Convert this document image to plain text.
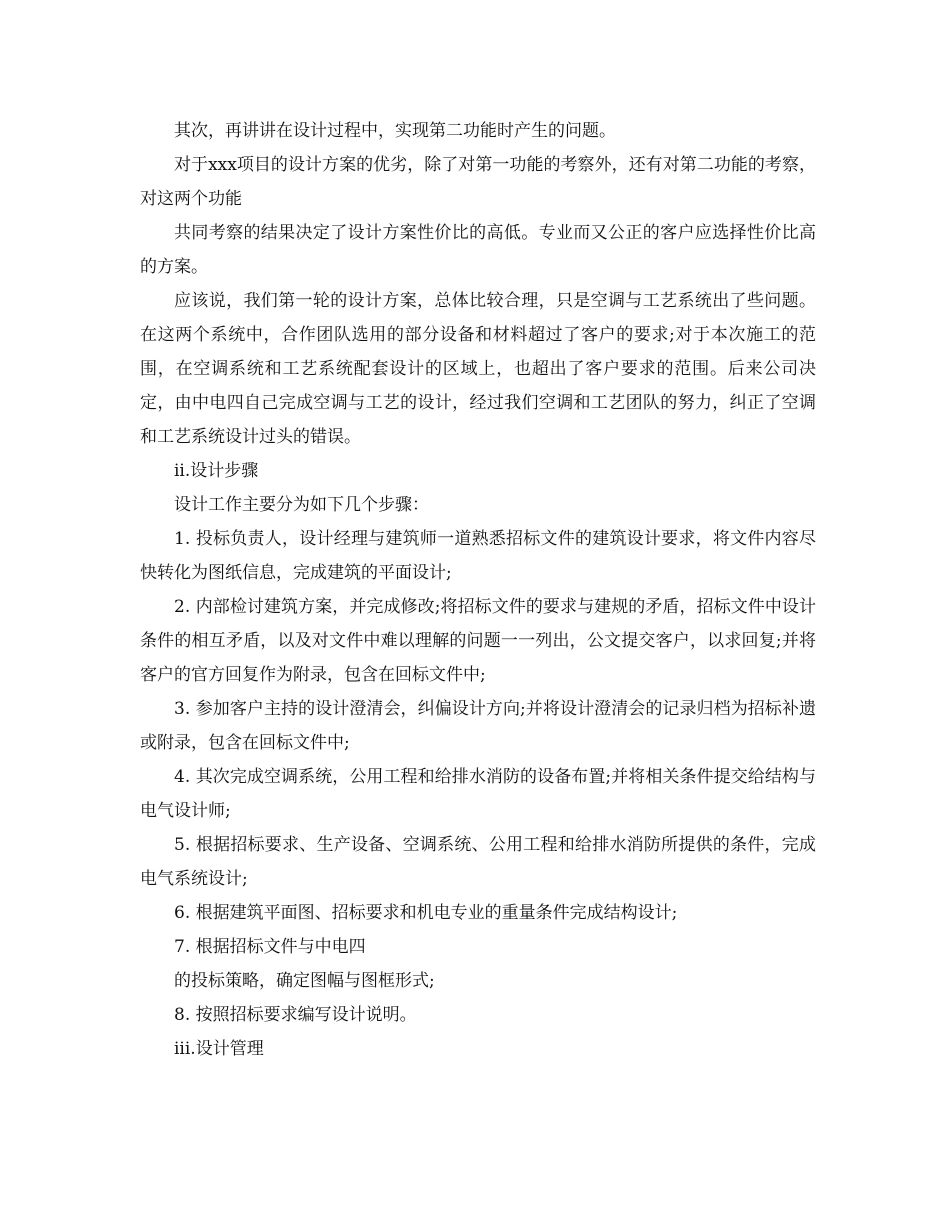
其次，再讲讲在设计过程中，实现第二功能时产生的问题。

对于xxx项目的设计方案的优劣，除了对第一功能的考察外，还有对第二功能的考察，对这两个功能

共同考察的结果决定了设计方案性价比的高低。专业而又公正的客户应选择性价比高的方案。

应该说，我们第一轮的设计方案，总体比较合理，只是空调与工艺系统出了些问题。在这两个系统中，合作团队选用的部分设备和材料超过了客户的要求;对于本次施工的范围，在空调系统和工艺系统配套设计的区域上，也超出了客户要求的范围。后来公司决定，由中电四自己完成空调与工艺的设计，经过我们空调和工艺团队的努力，纠正了空调和工艺系统设计过头的错误。

ii.设计步骤

设计工作主要分为如下几个步骤：

1. 投标负责人，设计经理与建筑师一道熟悉招标文件的建筑设计要求，将文件内容尽快转化为图纸信息，完成建筑的平面设计;

2. 内部检讨建筑方案，并完成修改;将招标文件的要求与建规的矛盾，招标文件中设计条件的相互矛盾，以及对文件中难以理解的问题一一列出，公文提交客户，以求回复;并将客户的官方回复作为附录，包含在回标文件中;

3. 参加客户主持的设计澄清会，纠偏设计方向;并将设计澄清会的记录归档为招标补遗或附录，包含在回标文件中;

4. 其次完成空调系统，公用工程和给排水消防的设备布置;并将相关条件提交给结构与电气设计师;

5. 根据招标要求、生产设备、空调系统、公用工程和给排水消防所提供的条件，完成电气系统设计;

6. 根据建筑平面图、招标要求和机电专业的重量条件完成结构设计;

7. 根据招标文件与中电四

的投标策略，确定图幅与图框形式;

8. 按照招标要求编写设计说明。

iii.设计管理
